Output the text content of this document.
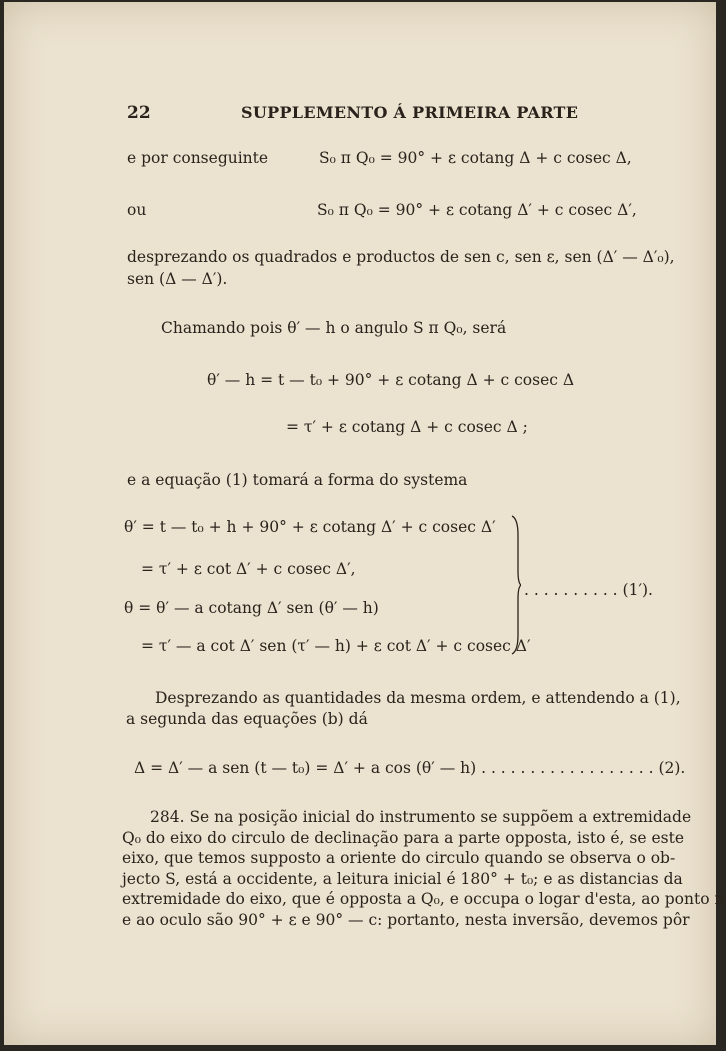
22	SUPPLEMENTO Á PRIMEIRA PARTE
e por conseguinte	S₀ π Q₀ = 90° + ε cotang Δ + c cosec Δ,
ou	S₀ π Q₀ = 90° + ε cotang Δ′ + c cosec Δ′,
desprezando os quadrados e productos de sen c, sen ε, sen (Δ′ — Δ′₀),
sen (Δ — Δ′).
Chamando pois θ′ — h o angulo S π Q₀, será
θ′ — h = t — t₀ + 90° + ε cotang Δ + c cosec Δ
= τ′ + ε cotang Δ + c cosec Δ ;
e a equação (1) tomará a forma do systema
θ′ = t — t₀ + h + 90° + ε cotang Δ′ + c cosec Δ′
= τ′ + ε cot Δ′ + c cosec Δ′,
θ = θ′ — a cotang Δ′ sen (θ′ — h)
= τ′ — a cot Δ′ sen (τ′ — h) + ε cot Δ′ + c cosec Δ′
. . . . . . . . . . (1′).
Desprezando as quantidades da mesma ordem, e attendendo a (1),
a segunda das equações (b) dá
Δ = Δ′ — a sen (t — t₀) = Δ′ + a cos (θ′ — h) . . . . . . . . . . . . . . . . . . (2).
284. Se na posição inicial do instrumento se suppõem a extremidade
Q₀ do eixo do circulo de declinação para a parte opposta, isto é, se este
eixo, que temos supposto a oriente do circulo quando se observa o ob-
jecto S, está a occidente, a leitura inicial é 180° + t₀; e as distancias da
extremidade do eixo, que é opposta a Q₀, e occupa o logar d'esta, ao ponto π
e ao oculo são 90° + ε e 90° — c: portanto, nesta inversão, devemos pôr
